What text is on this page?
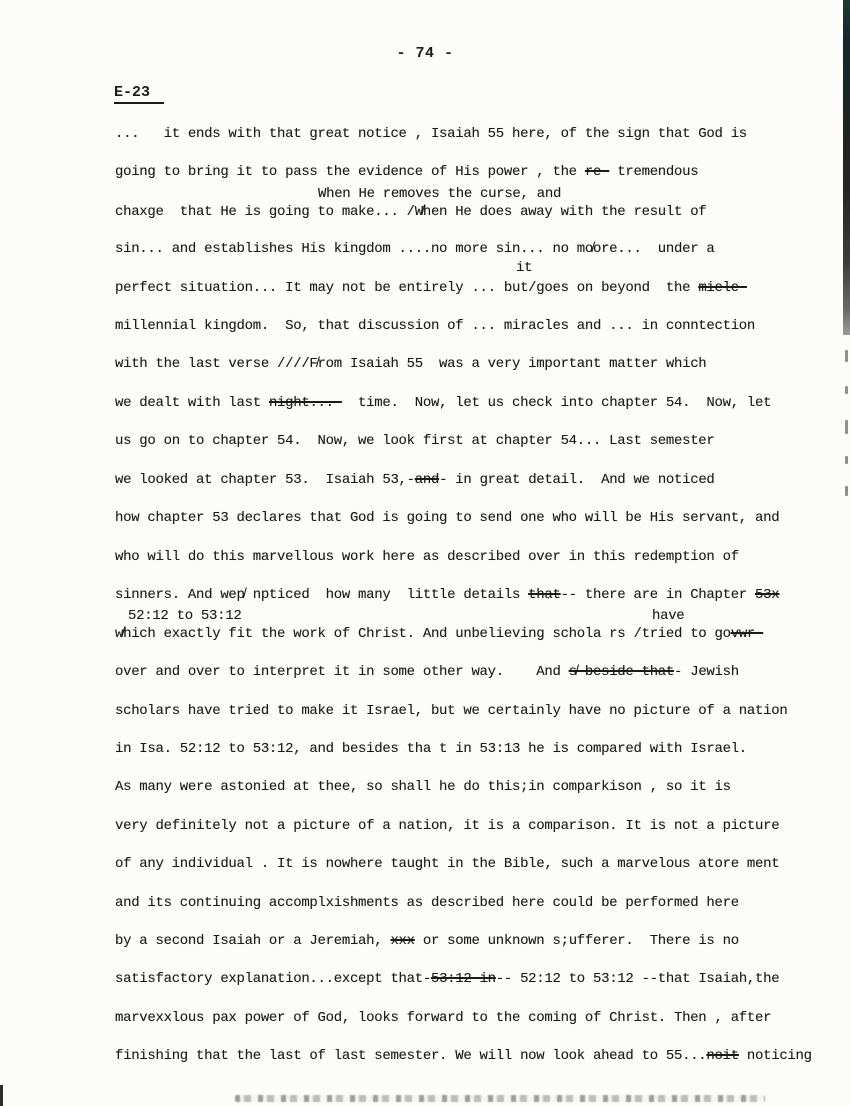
- 74 -
E-23
...   it ends with that great notice , Isaiah 55 here, of the sign that God is
going to bring it to pass the evidence of His power , the re- tremendous
When He removes the curse, and
chaxge  that He is going to make... /W̸hen He does away with the result of
sin... and establishes His kingdom ....no more sin... no mo̸ore...  under a
it
perfect situation... It may not be entirely ... but/goes on beyond  the miele-
millennial kingdom.  So, that discussion of ... miracles and ... in conntection
with the last verse ////F̸rom Isaiah 55  was a very important matter which
we dealt with last night...-  time.  Now, let us check into chapter 54.  Now, let
us go on to chapter 54.  Now, we look first at chapter 54... Last semester
we looked at chapter 53.  Isaiah 53,-and- in great detail.  And we noticed
how chapter 53 declares that God is going to send one who will be His servant, and
who will do this marvellous work here as described over in this redemption of
sinners. And wep̸ npticed  how many  little details that-- there are in Chapter 53x
52:12 to 53:12	have
w̸hich exactly fit the work of Christ. And unbelieving schola rs /tried to govwr-
over and over to interpret it in some other way.    And s̸-beside that- Jewish
scholars have tried to make it Israel, but we certainly have no picture of a nation
in Isa. 52:12 to 53:12, and besides tha t in 53:13 he is compared with Israel.
As many were astonied at thee, so shall he do this;in comparkison , so it is
very definitely not a picture of a nation, it is a comparison. It is not a picture
of any individual . It is nowhere taught in the Bible, such a marvelous atore ment
and its continuing accomplxishments as described here could be performed here
by a second Isaiah or a Jeremiah, xxx or some unknown s;ufferer.  There is no
satisfactory explanation...except that-53:12-in-- 52:12 to 53:12 --that Isaiah,the
marvexxlous pax power of God, looks forward to the coming of Christ. Then , after
finishing that the last of last semester. We will now look ahead to 55...noit noticing
